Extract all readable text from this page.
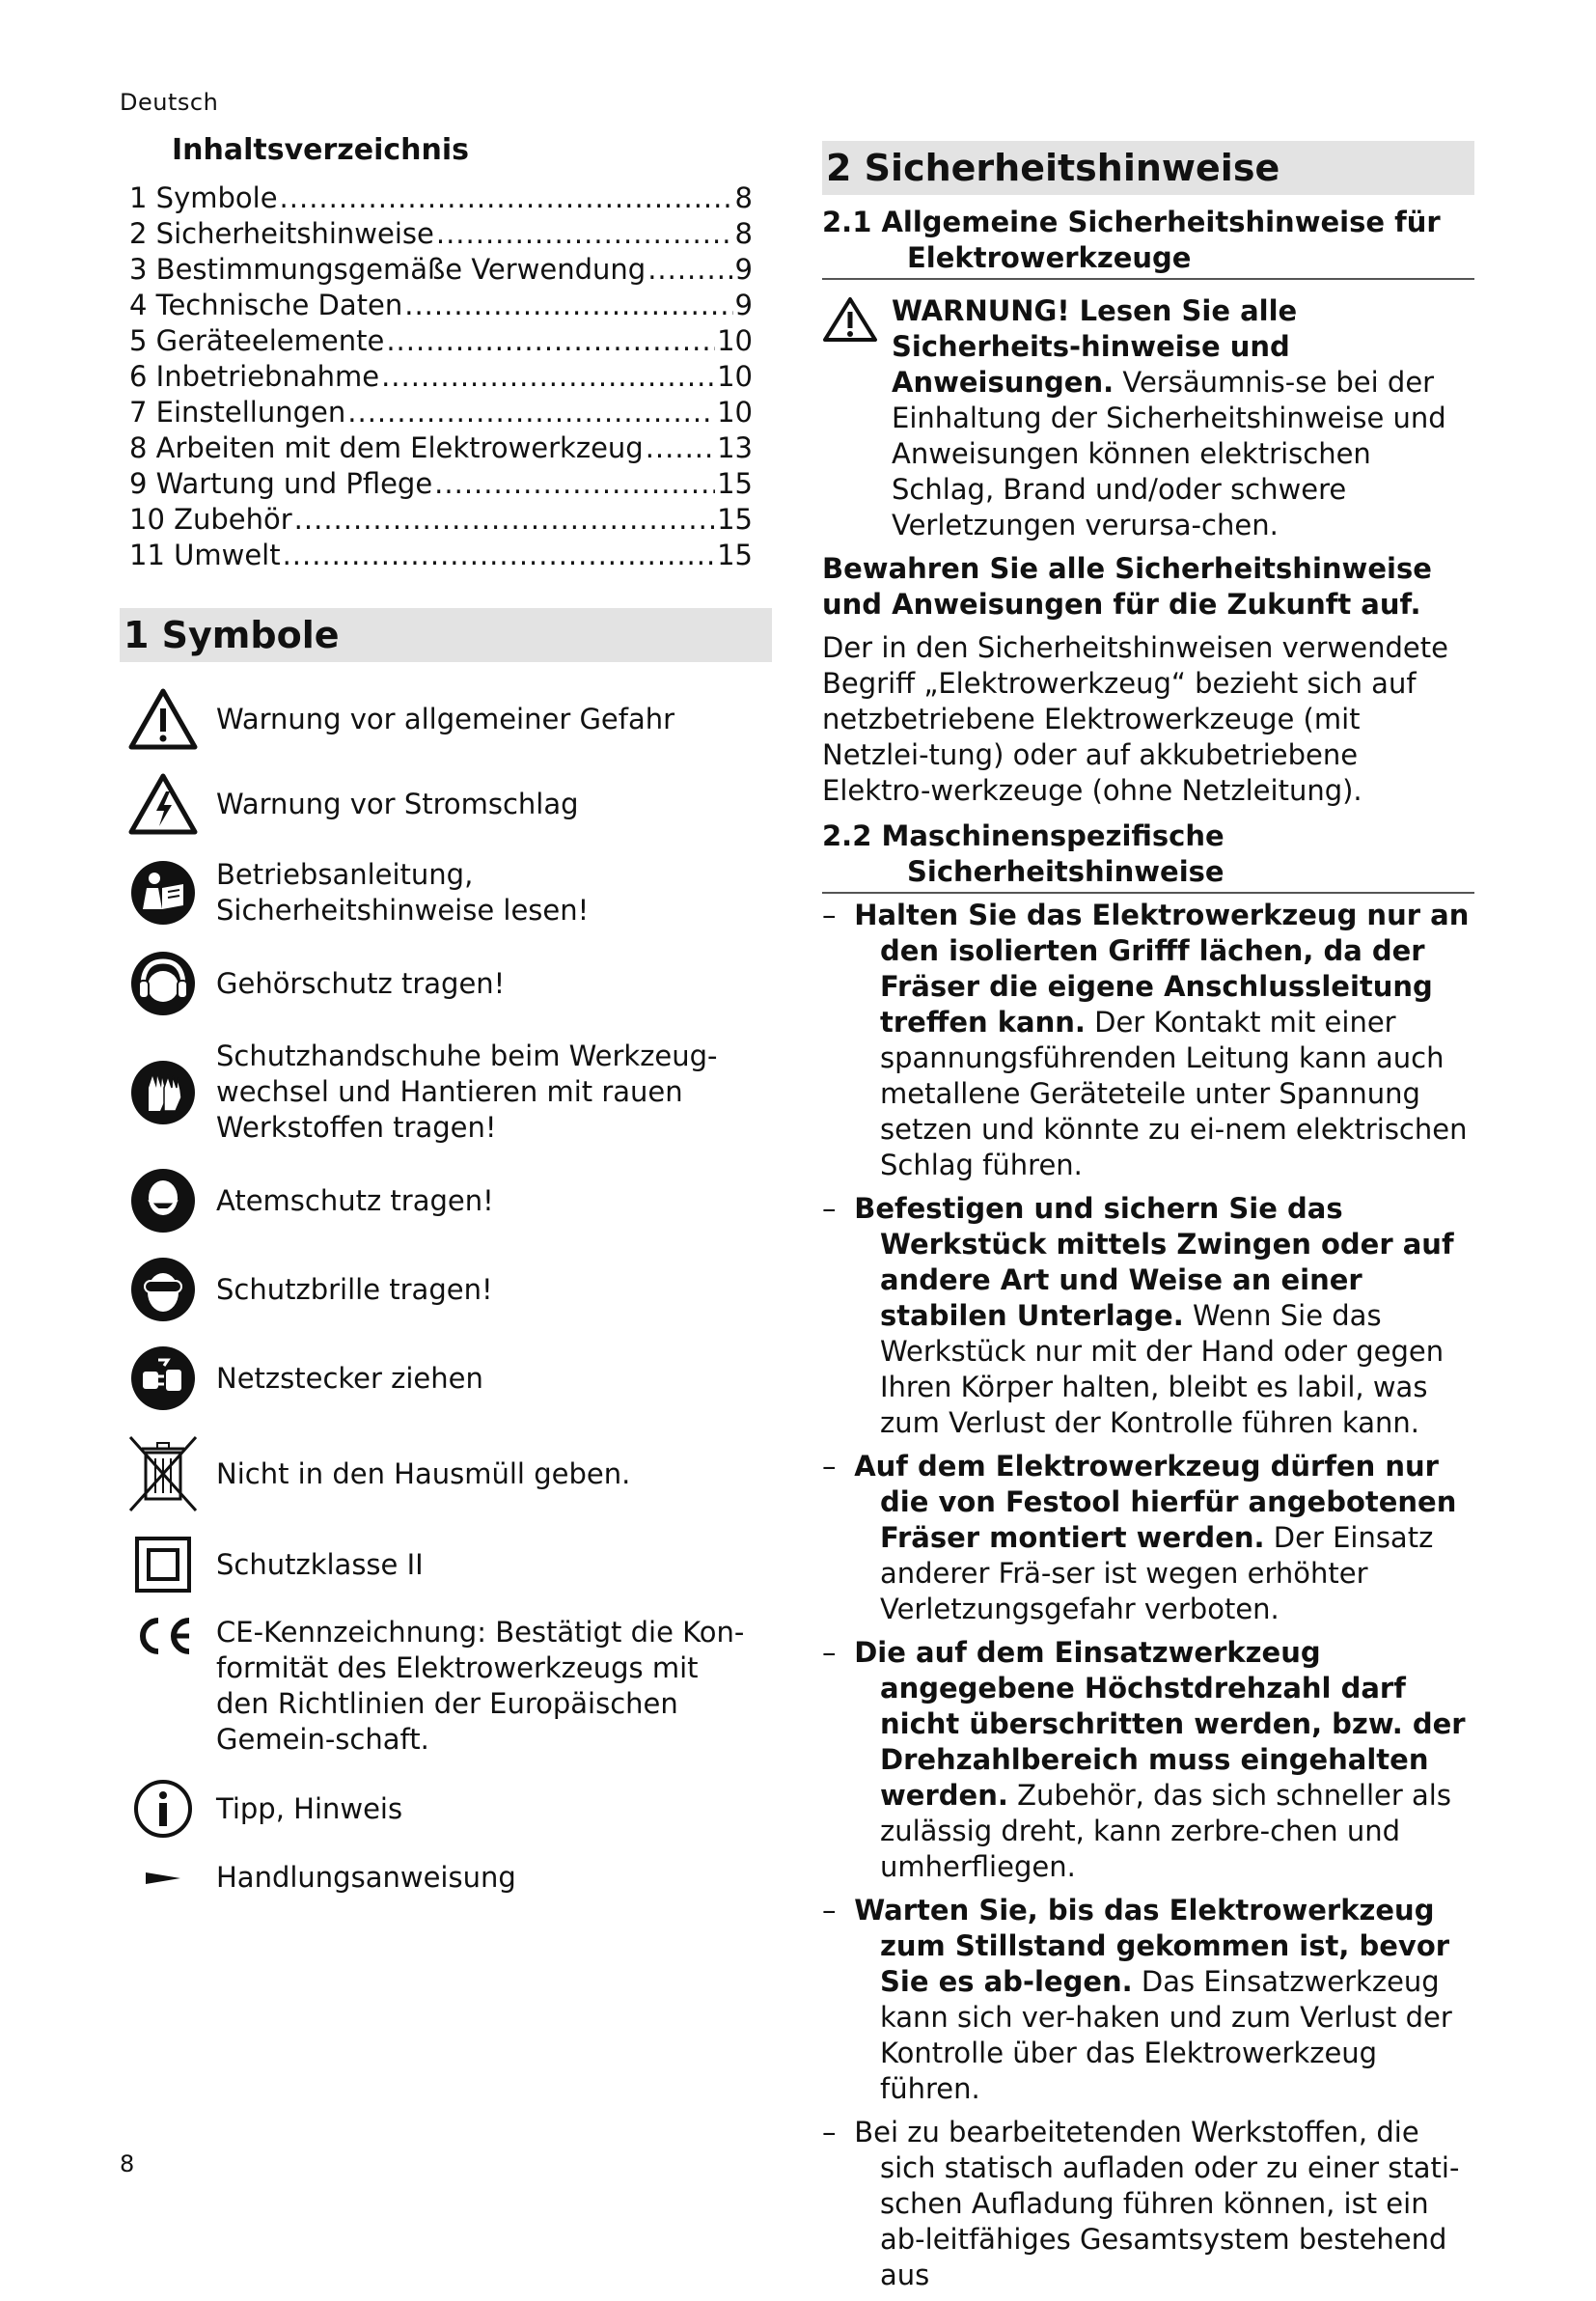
Deutsch
Inhaltsverzeichnis
1 Symbole .....	8
2 Sicherheitshinweise .....	8
3 Bestimmungsgemäße Verwendung .....	9
4 Technische Daten .....	9
5 Geräteelemente .....	10
6 Inbetriebnahme .....	10
7 Einstellungen .....	10
8 Arbeiten mit dem Elektrowerkzeug .....	13
9 Wartung und Pflege .....	15
10 Zubehör .....	15
11 Umwelt .....	15
1 Symbole
Warnung vor allgemeiner Gefahr
Warnung vor Stromschlag
Betriebsanleitung, Sicherheitshinweise lesen!
Gehörschutz tragen!
Schutzhandschuhe beim Werkzeug-wechsel und Hantieren mit rauen Werkstoffen tragen!
Atemschutz tragen!
Schutzbrille tragen!
Netzstecker ziehen
Nicht in den Hausmüll geben.
Schutzklasse II
CE-Kennzeichnung: Bestätigt die Kon-formität des Elektrowerkzeugs mit den Richtlinien der Europäischen Gemein-schaft.
Tipp, Hinweis
Handlungsanweisung
2 Sicherheitshinweise
2.1 Allgemeine Sicherheitshinweise für
Elektrowerkzeuge
WARNUNG! Lesen Sie alle Sicherheits-hinweise und Anweisungen. Versäumnis-se bei der Einhaltung der Sicherheitshinweise und Anweisungen können elektrischen Schlag, Brand und/oder schwere Verletzungen verursa-chen.

Bewahren Sie alle Sicherheitshinweise und Anweisungen für die Zukunft auf.

Der in den Sicherheitshinweisen verwendete Begriff „Elektrowerkzeug“ bezieht sich auf netzbetriebene Elektrowerkzeuge (mit Netzlei-tung) oder auf akkubetriebene Elektro-werkzeuge (ohne Netzleitung).

2.2 Maschinenspezifische
Sicherheitshinweise
– Halten Sie das Elektrowerkzeug nur an den isolierten Grifff lächen, da der Fräser die eigene Anschlussleitung treffen kann. Der Kontakt mit einer spannungsführenden Leitung kann auch metallene Geräteteile unter Spannung setzen und könnte zu ei-nem elektrischen Schlag führen.
– Befestigen und sichern Sie das Werkstück mittels Zwingen oder auf andere Art und Weise an einer stabilen Unterlage. Wenn Sie das Werkstück nur mit der Hand oder gegen Ihren Körper halten, bleibt es labil, was zum Verlust der Kontrolle führen kann.
– Auf dem Elektrowerkzeug dürfen nur die von Festool hierfür angebotenen Fräser montiert werden. Der Einsatz anderer Frä-ser ist wegen erhöhter Verletzungsgefahr verboten.
– Die auf dem Einsatzwerkzeug angegebene Höchstdrehzahl darf nicht überschritten werden, bzw. der Drehzahlbereich muss eingehalten werden. Zubehör, das sich schneller als zulässig dreht, kann zerbre-chen und umherfliegen.
– Warten Sie, bis das Elektrowerkzeug zum Stillstand gekommen ist, bevor Sie es ab-legen. Das Einsatzwerkzeug kann sich ver-haken und zum Verlust der Kontrolle über das Elektrowerkzeug führen.
– Bei zu bearbeitetenden Werkstoffen, die sich statisch aufladen oder zu einer stati-schen Aufladung führen können, ist ein ab-leitfähiges Gesamtsystem bestehend aus
8
